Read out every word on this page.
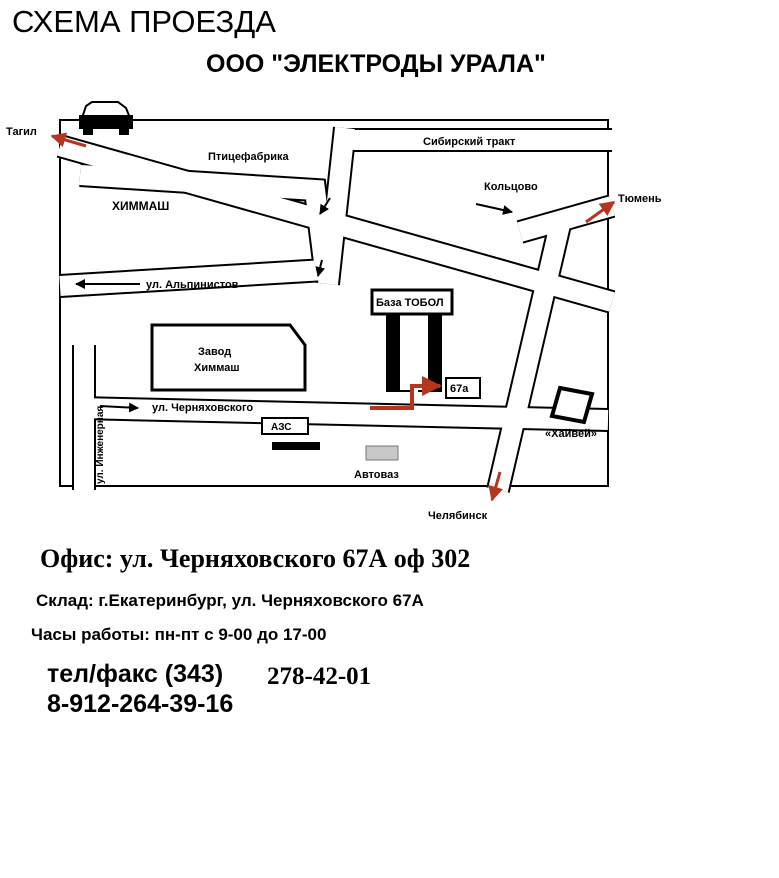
СХЕМА ПРОЕЗДА
ООО "ЭЛЕКТРОДЫ УРАЛА"
Тагил
Сибирский тракт
Птицефабрика
Кольцово
Тюмень
ХИММАШ
ул. Альпинистов
База ТОБОЛ
Завод
Химмаш
67а
«Хайвей»
ул. Черняховского
ул. Инженерная	АЗС
Автоваз
Челябинск
Офис: ул. Черняховского 67А оф 302
Склад: г.Екатеринбург, ул. Черняховского 67А
Часы работы: пн-пт с 9-00 до 17-00
тел/факс (343) 278-42-01
8-912-264-39-16
